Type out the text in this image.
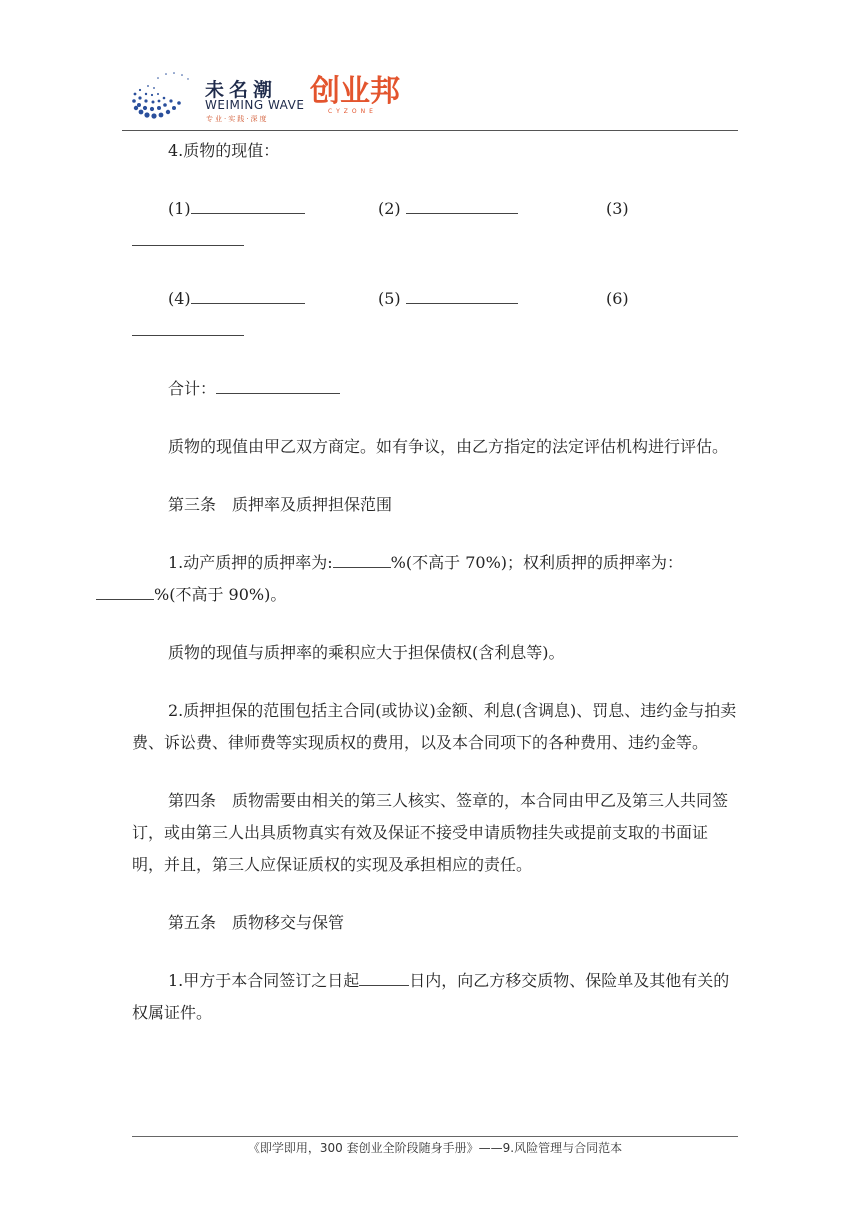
未名潮
WEIMING WAVE
专业·实践·深度
创业邦
CYZONE

4.质物的现值：

(1)	(2)	(3)
(4)	(5)	(6)

合计：

质物的现值由甲乙双方商定。如有争议，由乙方指定的法定评估机构进行评估。

第三条　质押率及质押担保范围

1.动产质押的质押率为:	%(不高于 70%)；权利质押的质押率为：
%(不高于 90%)。

质物的现值与质押率的乘积应大于担保债权(含利息等)。

2.质押担保的范围包括主合同(或协议)金额、利息(含调息)、罚息、违约金与拍卖费、诉讼费、律师费等实现质权的费用，以及本合同项下的各种费用、违约金等。

第四条　质物需要由相关的第三人核实、签章的，本合同由甲乙及第三人共同签订，或由第三人出具质物真实有效及保证不接受申请质物挂失或提前支取的书面证明，并且，第三人应保证质权的实现及承担相应的责任。

第五条　质物移交与保管

1.甲方于本合同签订之日起	日内，向乙方移交质物、保险单及其他有关的权属证件。

《即学即用，300 套创业全阶段随身手册》——9.风险管理与合同范本
